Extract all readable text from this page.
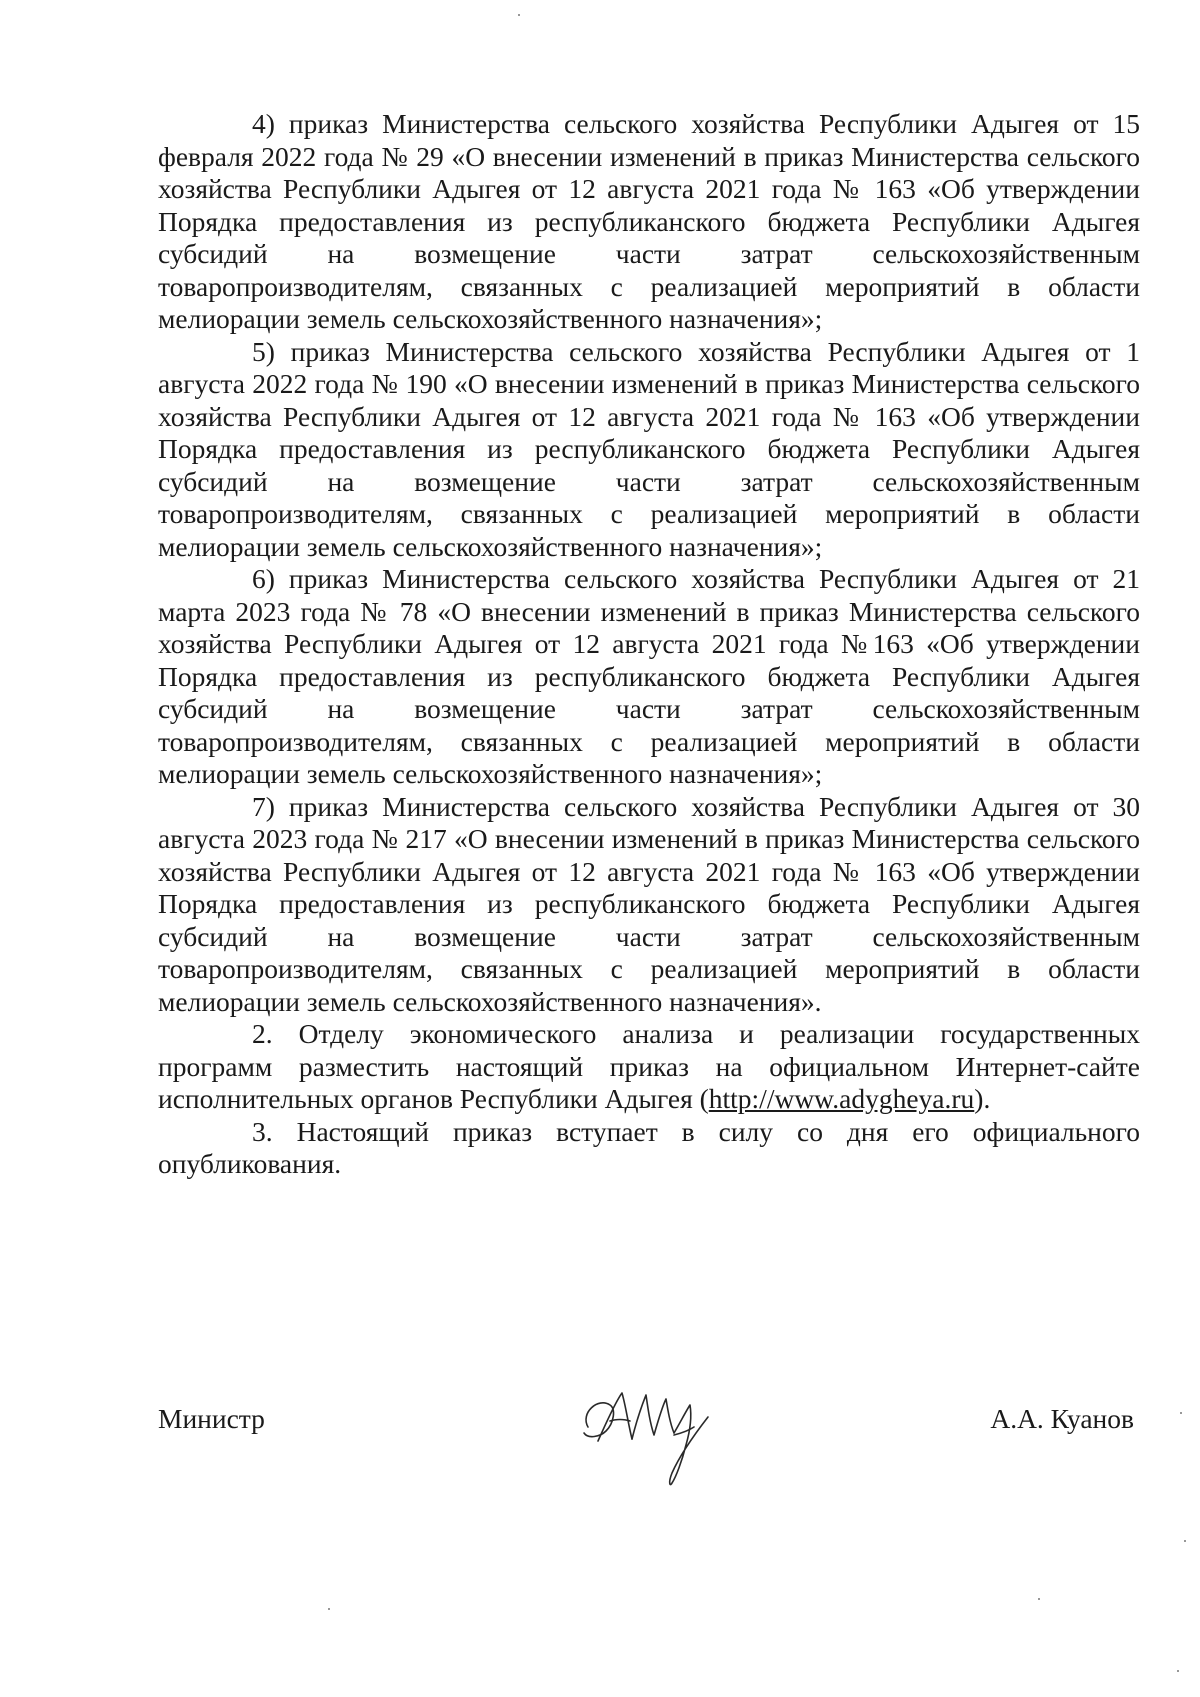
4) приказ Министерства сельского хозяйства Республики Адыгея от 15 февраля 2022 года № 29 «О внесении изменений в приказ Министерства сельского хозяйства Республики Адыгея от 12 августа 2021 года № 163 «Об утверждении Порядка предоставления из республиканского бюджета Республики Адыгея субсидий на возмещение части затрат сельскохозяйственным товаропроизводителям, связанных с реализацией мероприятий в области мелиорации земель сельскохозяйственного назначения»;

5) приказ Министерства сельского хозяйства Республики Адыгея от 1 августа 2022 года № 190 «О внесении изменений в приказ Министерства сельского хозяйства Республики Адыгея от 12 августа 2021 года № 163 «Об утверждении Порядка предоставления из республиканского бюджета Республики Адыгея субсидий на возмещение части затрат сельскохозяйственным товаропроизводителям, связанных с реализацией мероприятий в области мелиорации земель сельскохозяйственного назначения»;

6) приказ Министерства сельского хозяйства Республики Адыгея от 21 марта 2023 года № 78 «О внесении изменений в приказ Министерства сельского хозяйства Республики Адыгея от 12 августа 2021 года №163 «Об утверждении Порядка предоставления из республиканского бюджета Республики Адыгея субсидий на возмещение части затрат сельскохозяйственным товаропроизводителям, связанных с реализацией мероприятий в области мелиорации земель сельскохозяйственного назначения»;

7) приказ Министерства сельского хозяйства Республики Адыгея от 30 августа 2023 года № 217 «О внесении изменений в приказ Министерства сельского хозяйства Республики Адыгея от 12 августа 2021 года № 163 «Об утверждении Порядка предоставления из республиканского бюджета Республики Адыгея субсидий на возмещение части затрат сельскохозяйственным товаропроизводителям, связанных с реализацией мероприятий в области мелиорации земель сельскохозяйственного назначения».

2. Отделу экономического анализа и реализации государственных программ разместить настоящий приказ на официальном Интернет-сайте исполнительных органов Республики Адыгея (http://www.adygheya.ru).

3. Настоящий приказ вступает в силу со дня его официального опубликования.

Министр	А.А. Куанов
